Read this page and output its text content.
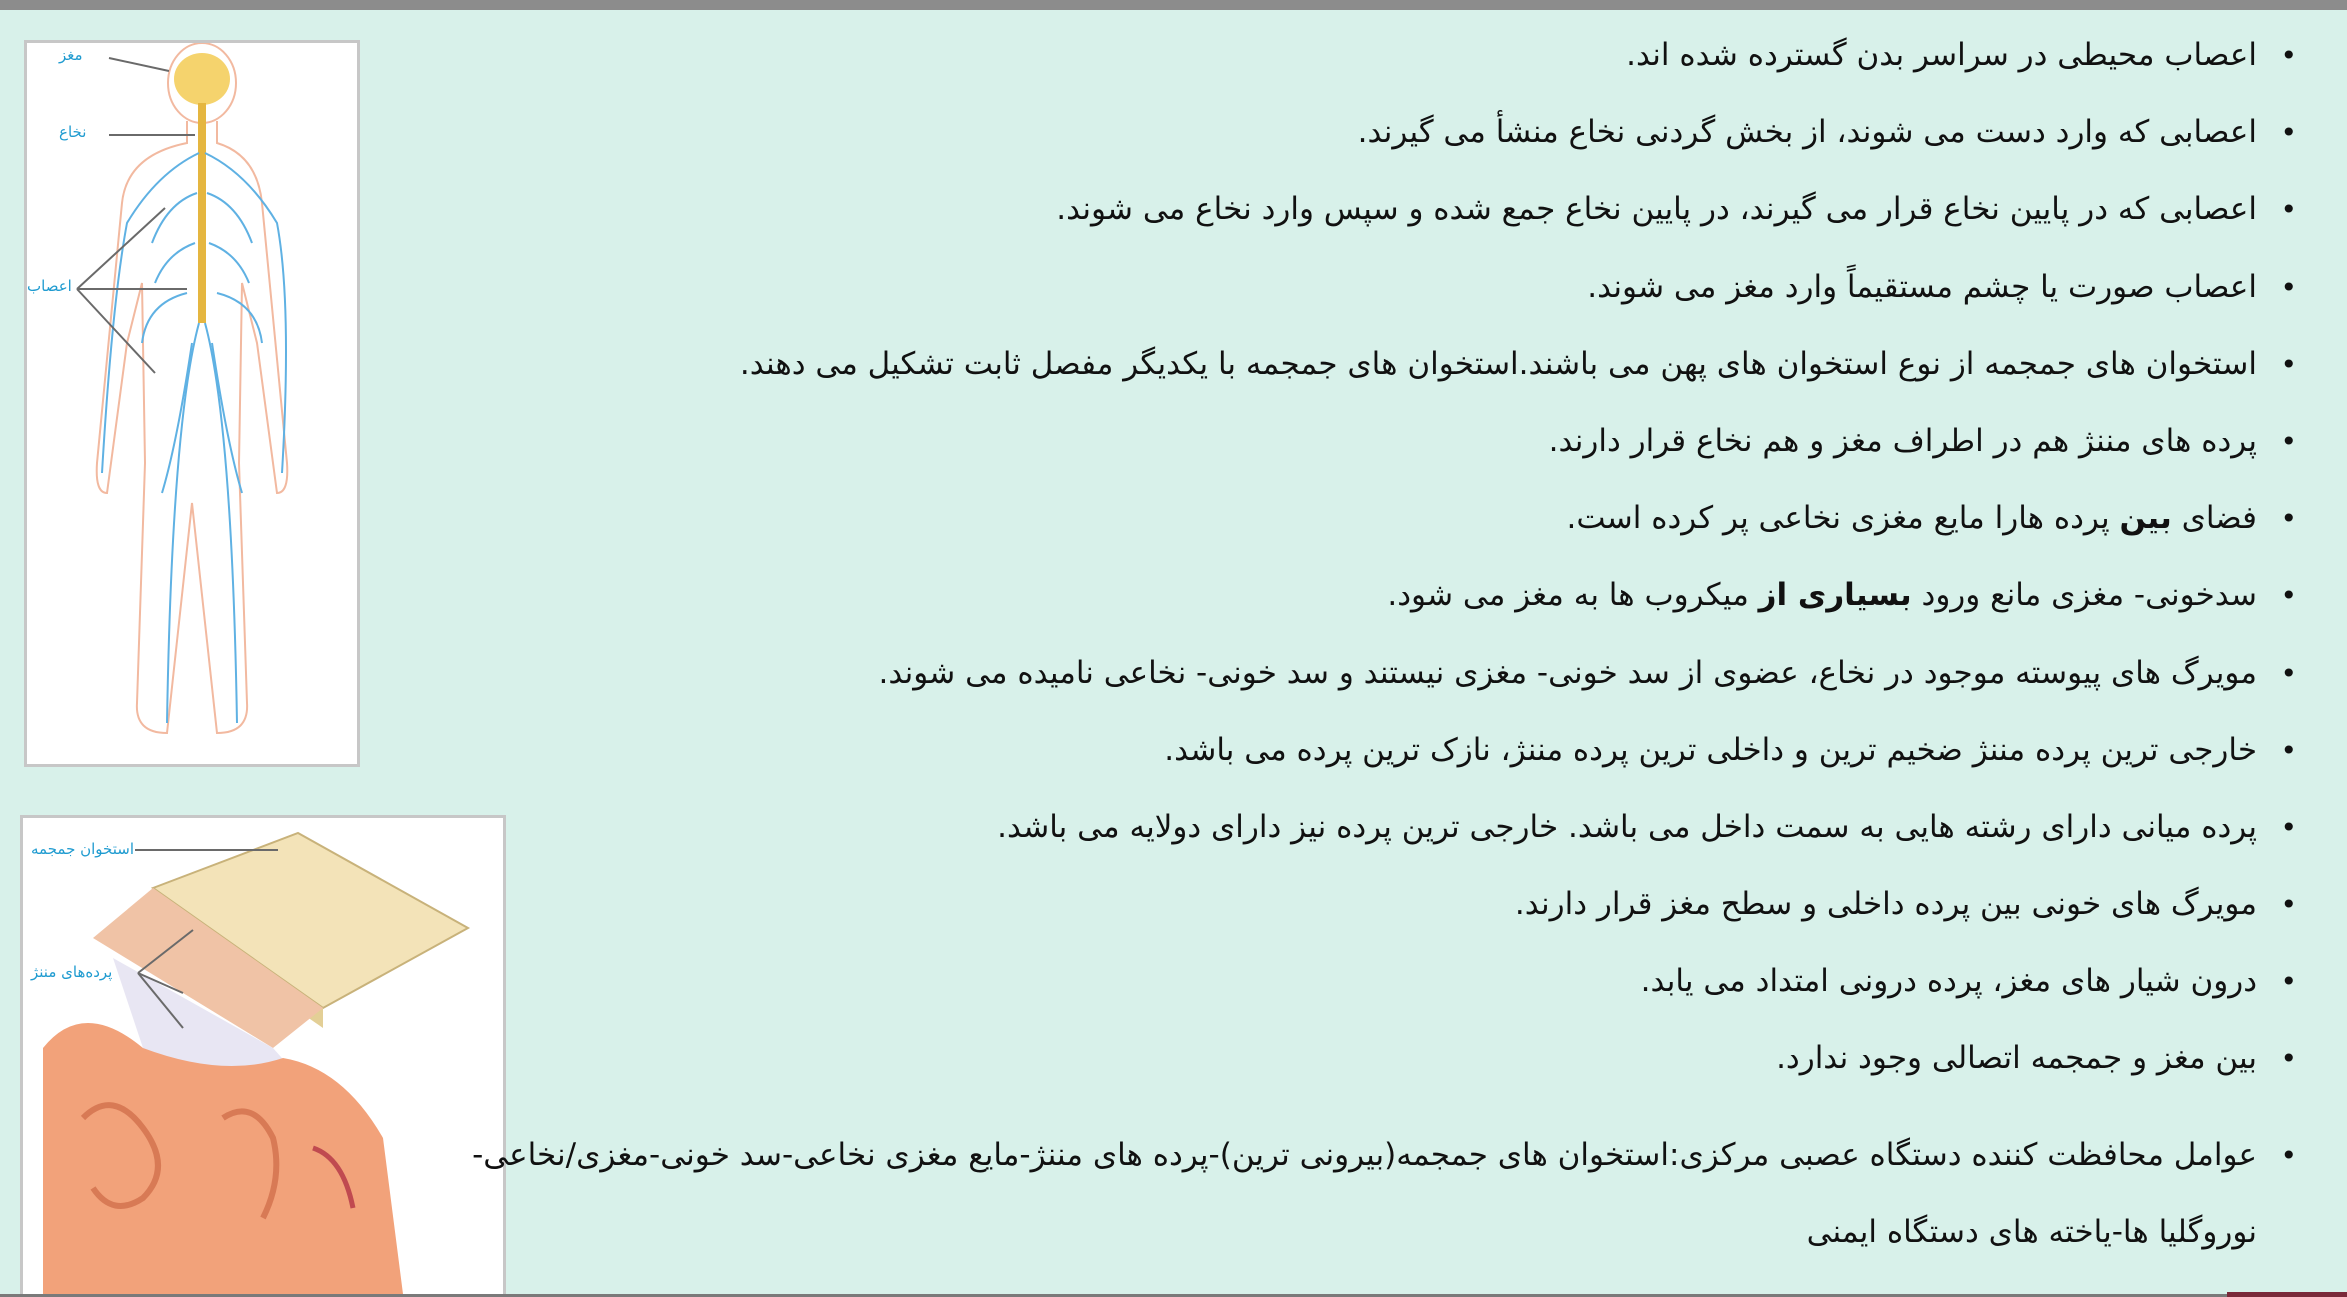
مغز
نخاع
اعصاب
استخوان جمجمه
پرده‌های مننژ
• اعصاب محیطی در سراسر بدن گسترده شده اند.
• اعصابی که وارد دست می شوند، از بخش گردنی نخاع منشأ می گیرند.
• اعصابی که در پایین نخاع قرار می گیرند، در پایین نخاع جمع شده و سپس وارد نخاع می شوند.
• اعصاب صورت یا چشم مستقیماً وارد مغز می شوند.
• استخوان های جمجمه از نوع استخوان های پهن می باشند.استخوان های جمجمه با یکدیگر مفصل ثابت تشکیل می دهند.
• پرده های مننژ هم در اطراف مغز و هم نخاع قرار دارند.
• فضای بین پرده هارا مایع مغزی نخاعی پر کرده است.
• سدخونی- مغزی مانع ورود بسیاری از میکروب ها به مغز می شود.
• مویرگ های پیوسته موجود در نخاع، عضوی از سد خونی- مغزی نیستند و سد خونی- نخاعی نامیده می شوند.
• خارجی ترین پرده مننژ ضخیم ترین و داخلی ترین پرده مننژ، نازک ترین پرده می باشد.
• پرده میانی دارای رشته هایی به سمت داخل می باشد. خارجی ترین پرده نیز دارای دولایه می باشد.
• مویرگ های خونی بین پرده داخلی و سطح مغز قرار دارند.
• درون شیار های مغز، پرده درونی امتداد می یابد.
• بین مغز و جمجمه اتصالی وجود ندارد.
• عوامل محافظت کننده دستگاه عصبی مرکزی:استخوان های جمجمه(بیرونی ترین)-پرده های مننژ-مایع مغزی نخاعی-سد خونی-مغزی/نخاعی-نوروگلیا ها-یاخته های دستگاه ایمنی
